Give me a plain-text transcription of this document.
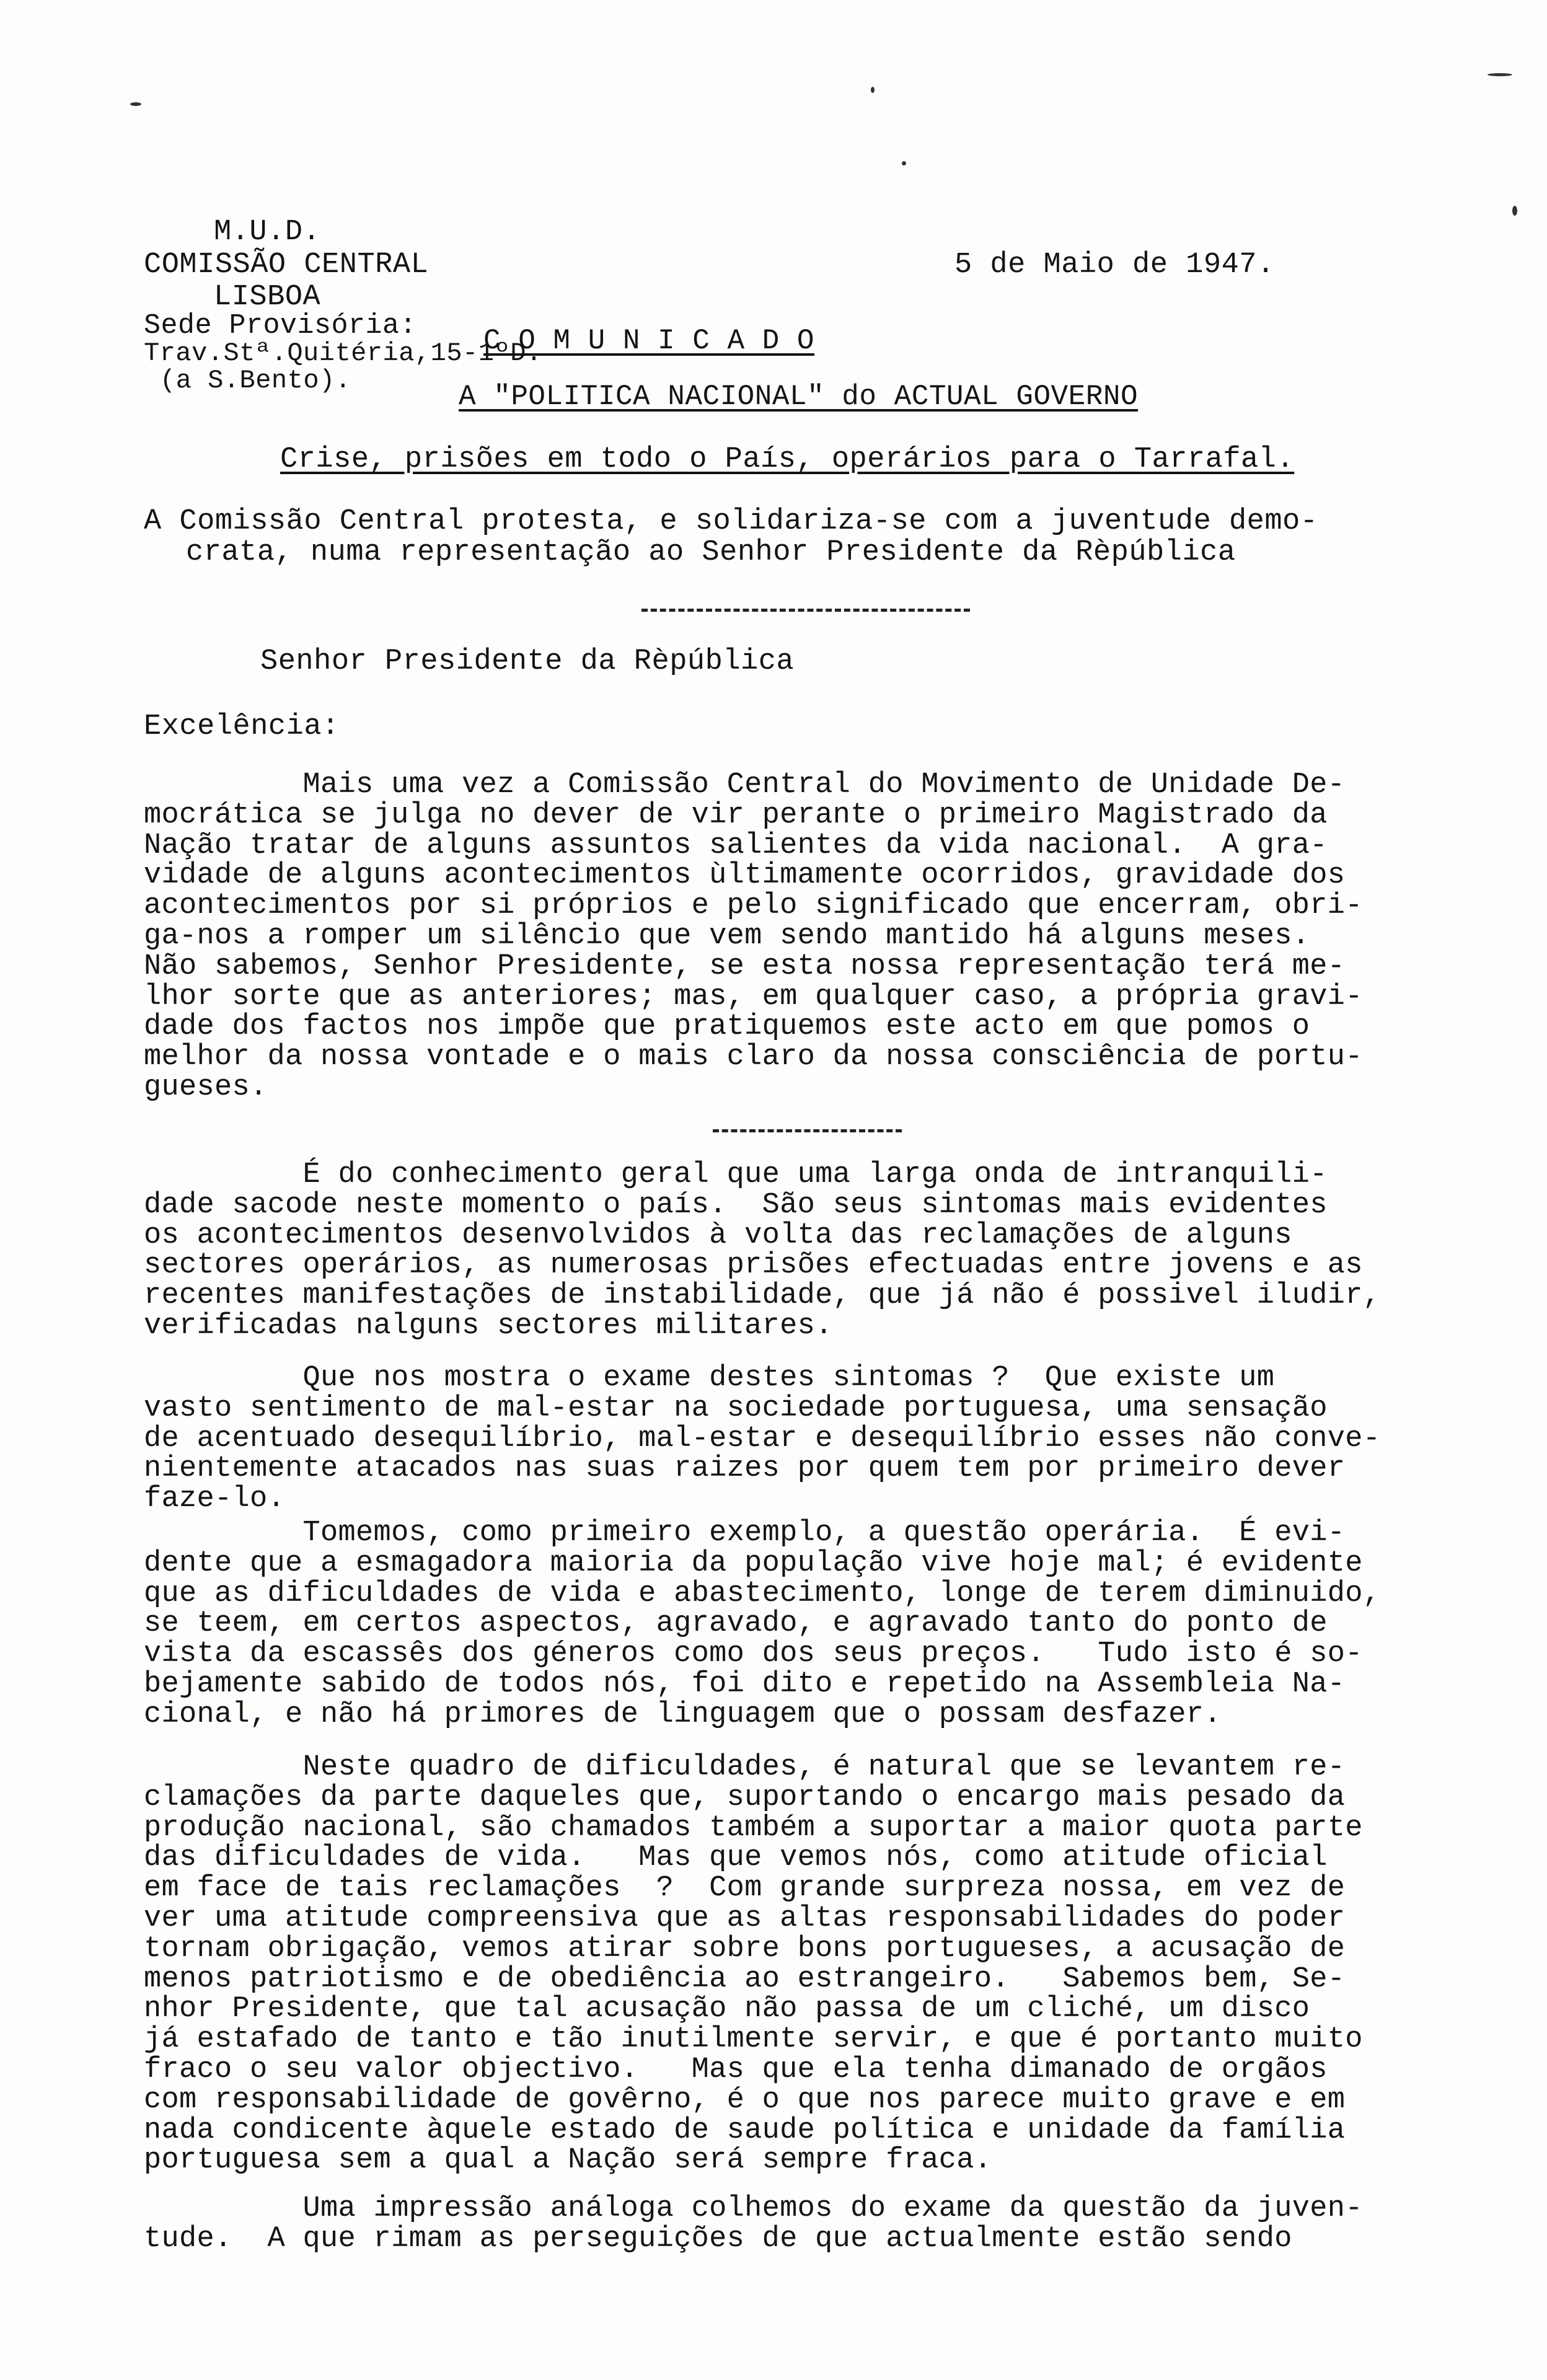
M.U.D.
COMISSÃO CENTRAL
LISBOA
Sede Provisória:
Trav.Stª.Quitéria,15-1ºD.
(a S.Bento).
5 de Maio de 1947.
C O M U N I C A D O
A "POLITICA NACIONAL" do ACTUAL GOVERNO
Crise, prisões em todo o País, operários para o Tarrafal.
A Comissão Central protesta, e solidariza-se com a juventude demo-
crata, numa representação ao Senhor Presidente da Rèpública
Senhor Presidente da Rèpública
Excelência:
Mais uma vez a Comissão Central do Movimento de Unidade De-
mocrática se julga no dever de vir perante o primeiro Magistrado da
Nação tratar de alguns assuntos salientes da vida nacional.  A gra-
vidade de alguns acontecimentos ùltimamente ocorridos, gravidade dos
acontecimentos por si próprios e pelo significado que encerram, obri-
ga-nos a romper um silêncio que vem sendo mantido há alguns meses.
Não sabemos, Senhor Presidente, se esta nossa representação terá me-
lhor sorte que as anteriores; mas, em qualquer caso, a própria gravi-
dade dos factos nos impõe que pratiquemos este acto em que pomos o
melhor da nossa vontade e o mais claro da nossa consciência de portu-
gueses.
É do conhecimento geral que uma larga onda de intranquili-
dade sacode neste momento o país.  São seus sintomas mais evidentes
os acontecimentos desenvolvidos à volta das reclamações de alguns
sectores operários, as numerosas prisões efectuadas entre jovens e as
recentes manifestações de instabilidade, que já não é possivel iludir,
verificadas nalguns sectores militares.
Que nos mostra o exame destes sintomas ?  Que existe um
vasto sentimento de mal-estar na sociedade portuguesa, uma sensação
de acentuado desequilíbrio, mal-estar e desequilíbrio esses não conve-
nientemente atacados nas suas raizes por quem tem por primeiro dever
faze-lo.
Tomemos, como primeiro exemplo, a questão operária.  É evi-
dente que a esmagadora maioria da população vive hoje mal; é evidente
que as dificuldades de vida e abastecimento, longe de terem diminuido,
se teem, em certos aspectos, agravado, e agravado tanto do ponto de
vista da escassês dos géneros como dos seus preços.   Tudo isto é so-
bejamente sabido de todos nós, foi dito e repetido na Assembleia Na-
cional, e não há primores de linguagem que o possam desfazer.
Neste quadro de dificuldades, é natural que se levantem re-
clamações da parte daqueles que, suportando o encargo mais pesado da
produção nacional, são chamados também a suportar a maior quota parte
das dificuldades de vida.   Mas que vemos nós, como atitude oficial
em face de tais reclamações  ?  Com grande surpreza nossa, em vez de
ver uma atitude compreensiva que as altas responsabilidades do poder
tornam obrigação, vemos atirar sobre bons portugueses, a acusação de
menos patriotismo e de obediência ao estrangeiro.   Sabemos bem, Se-
nhor Presidente, que tal acusação não passa de um cliché, um disco
já estafado de tanto e tão inutilmente servir, e que é portanto muito
fraco o seu valor objectivo.   Mas que ela tenha dimanado de orgãos
com responsabilidade de govêrno, é o que nos parece muito grave e em
nada condicente àquele estado de saude política e unidade da família
portuguesa sem a qual a Nação será sempre fraca.
Uma impressão análoga colhemos do exame da questão da juven-
tude.  A que rimam as perseguições de que actualmente estão sendo
